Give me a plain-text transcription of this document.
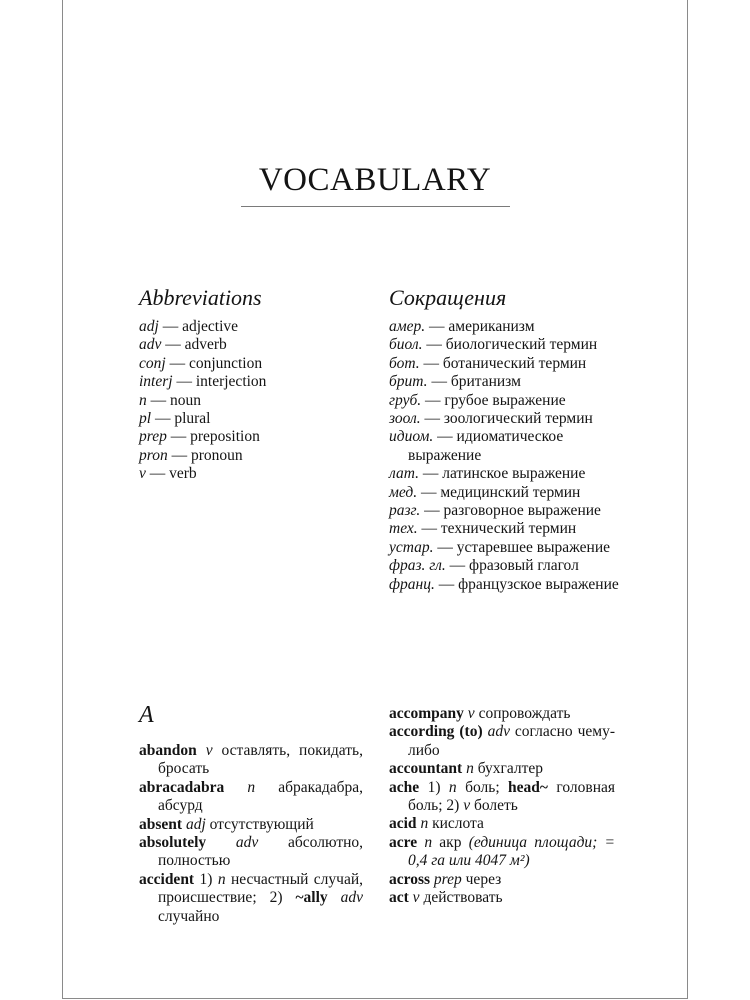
VOCABULARY
Abbreviations	Сокращения
adj — adjective
adv — adverb
conj — conjunction
interj — interjection
n — noun
pl — plural
prep — preposition
pron — pronoun
v — verb
амер. — американизм
биол. — биологический термин
бот. — ботанический термин
брит. — британизм
груб. — грубое выражение
зоол. — зоологический термин
идиом. — идиоматическое выражение
лат. — латинское выражение
мед. — медицинский термин
разг. — разговорное выражение
тех. — технический термин
устар. — устаревшее выражение
фраз. гл. — фразовый глагол
франц. — французское выражение
A
abandon v оставлять, покидать, бросать
abracadabra n абракадабра, абсурд
absent adj отсутствующий
absolutely adv абсолютно, полностью
accident 1) n несчастный случай, происшествие; 2) ~ally adv случайно
accompany v сопровождать
according (to) adv согласно чему-либо
accountant n бухгалтер
ache 1) n боль; head~ головная боль; 2) v болеть
acid n кислота
acre n акр (единица площади; = 0,4 га или 4047 м²)
across prep через
act v действовать
